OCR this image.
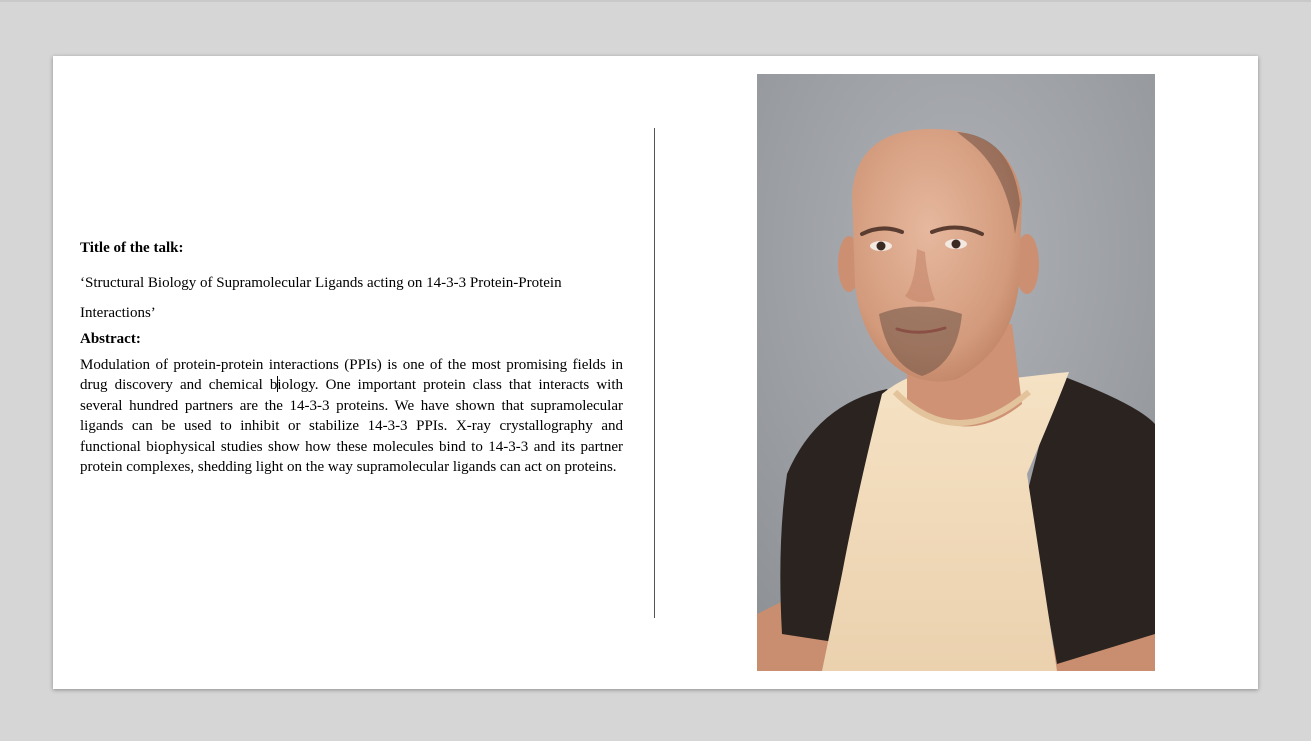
Title of the talk:

‘Structural Biology of Supramolecular Ligands acting on 14-3-3 Protein-Protein
Interactions’

Abstract:

Modulation of protein-protein interactions (PPIs) is one of the most promising fields in drug discovery and chemical biology. One important protein class that interacts with several hundred partners are the 14-3-3 proteins. We have shown that supramolecular ligands can be used to inhibit or stabilize 14-3-3 PPIs. X-ray crystallography and functional biophysical studies show how these molecules bind to 14-3-3 and its partner protein complexes, shedding light on the way supramolecular ligands can act on proteins.
